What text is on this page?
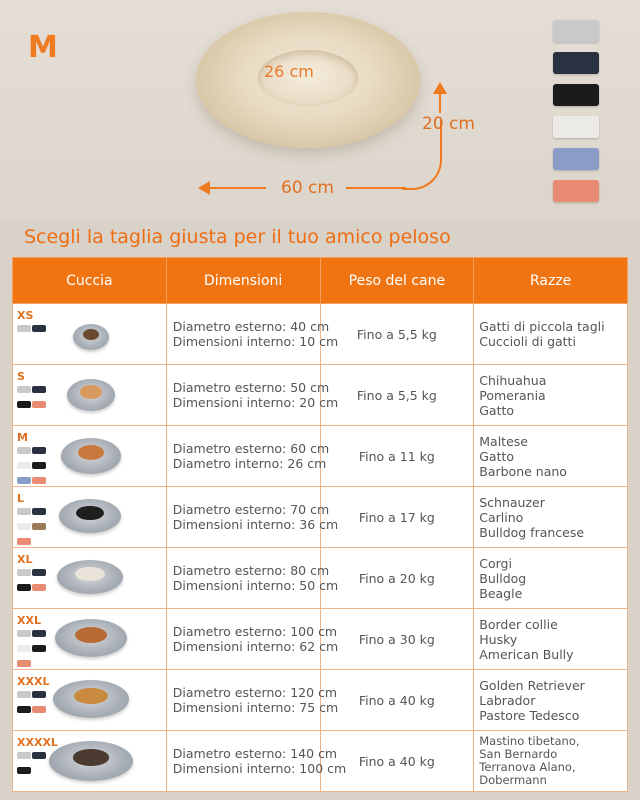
M
26 cm
20 cm
60 cm
Scegli la taglia giusta per il tuo amico peloso
Cuccia	Dimensioni	Peso del cane	Razze

XS	Diametro esterno: 40 cm
Dimensioni interno: 10 cm	Fino a 5,5 kg	Gatti di piccola tagli
Cuccioli di gatti

S	Diametro esterno: 50 cm
Dimensioni interno: 20 cm	Fino a 5,5 kg	Chihuahua
Pomerania
Gatto

M	Diametro esterno: 60 cm
Diametro interno: 26 cm	Fino a 11 kg	Maltese
Gatto
Barbone nano

L	Diametro esterno: 70 cm
Dimensioni interno: 36 cm	Fino a 17 kg	Schnauzer
Carlino
Bulldog francese

XL	Diametro esterno: 80 cm
Dimensioni interno: 50 cm	Fino a 20 kg	Corgi
Bulldog
Beagle

XXL	Diametro esterno: 100 cm
Dimensioni interno: 62 cm	Fino a 30 kg	Border collie
Husky
American Bully

XXXL	Diametro esterno: 120 cm
Dimensioni interno: 75 cm	Fino a 40 kg	Golden Retriever
Labrador
Pastore Tedesco

XXXXL	Diametro esterno: 140 cm
Dimensioni interno: 100 cm	Fino a 40 kg	Mastino tibetano,
San Bernardo
Terranova Alano,
Dobermann
